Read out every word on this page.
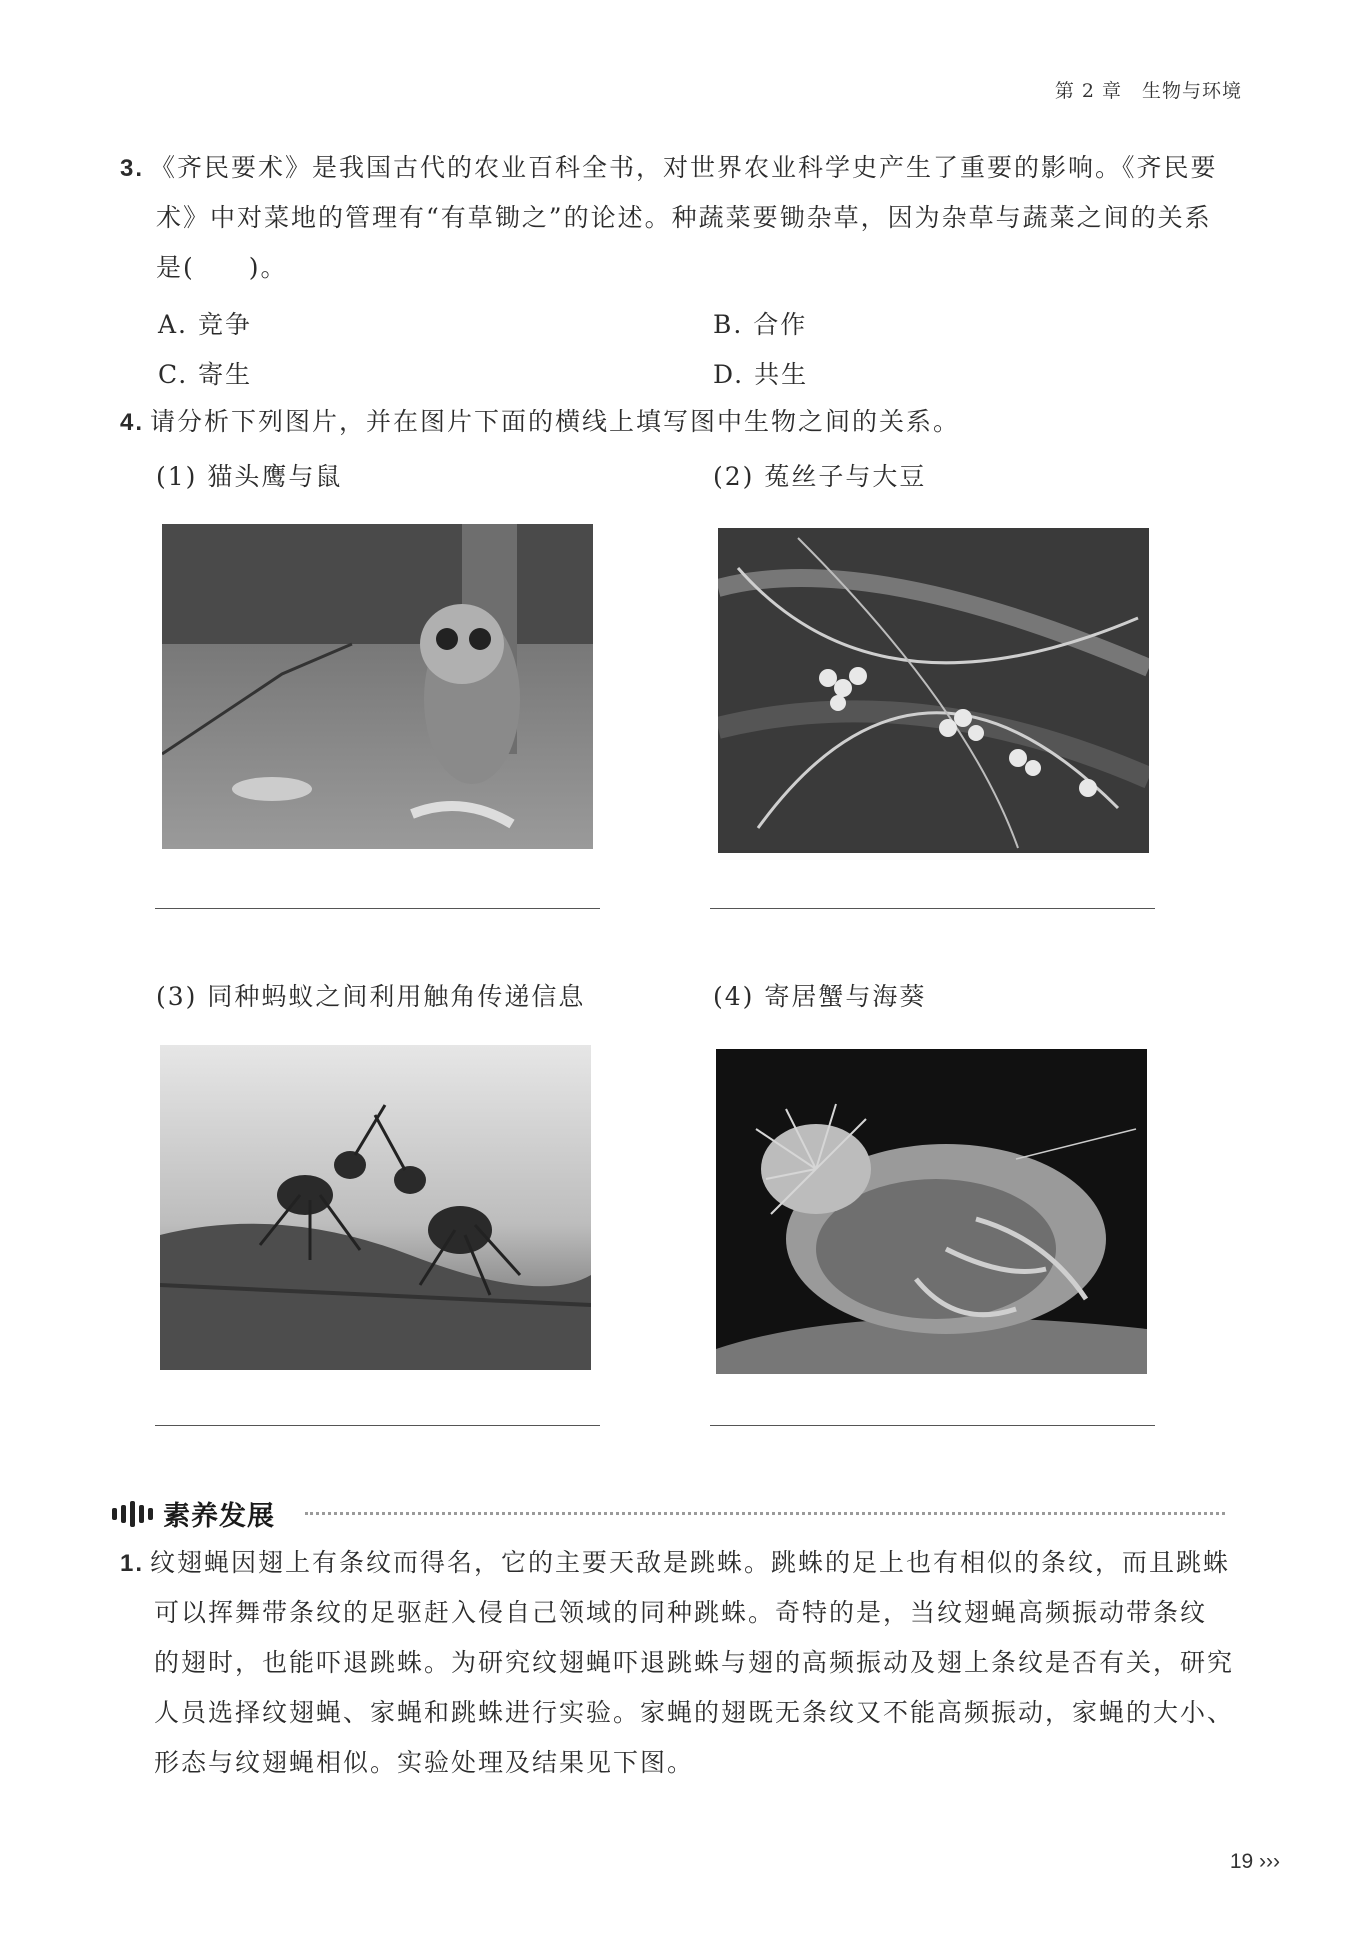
第 2 章　生物与环境
3. 《齐民要术》是我国古代的农业百科全书，对世界农业科学史产生了重要的影响。《齐民要
术》中对菜地的管理有“有草锄之”的论述。种蔬菜要锄杂草，因为杂草与蔬菜之间的关系
是(　　)。
A. 竞争	B. 合作
C. 寄生	D. 共生
4. 请分析下列图片，并在图片下面的横线上填写图中生物之间的关系。
(1) 猫头鹰与鼠	(2) 菟丝子与大豆
(3) 同种蚂蚁之间利用触角传递信息	(4) 寄居蟹与海葵
素养发展
1. 纹翅蝇因翅上有条纹而得名，它的主要天敌是跳蛛。跳蛛的足上也有相似的条纹，而且跳蛛
可以挥舞带条纹的足驱赶入侵自己领域的同种跳蛛。奇特的是，当纹翅蝇高频振动带条纹
的翅时，也能吓退跳蛛。为研究纹翅蝇吓退跳蛛与翅的高频振动及翅上条纹是否有关，研究
人员选择纹翅蝇、家蝇和跳蛛进行实验。家蝇的翅既无条纹又不能高频振动，家蝇的大小、
形态与纹翅蝇相似。实验处理及结果见下图。
19 ›››
